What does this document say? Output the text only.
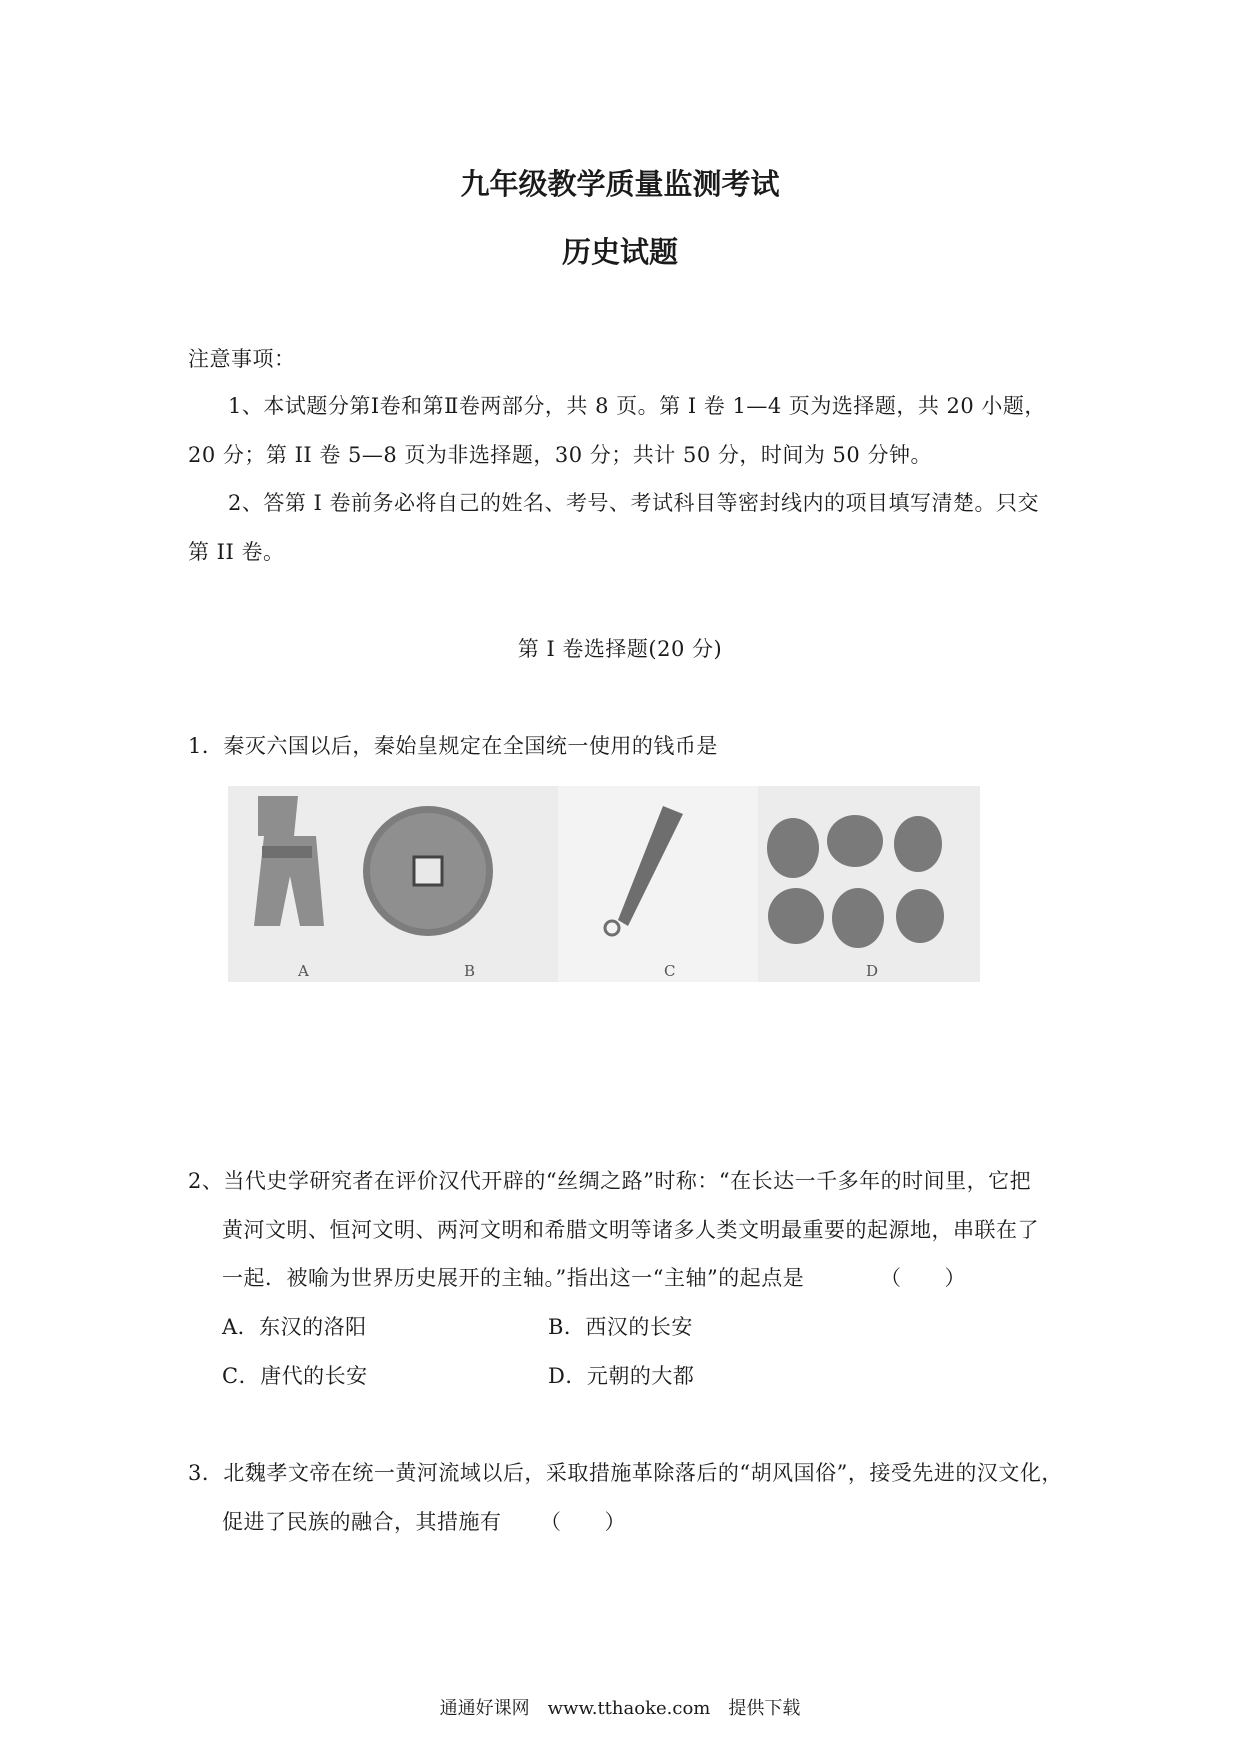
九年级教学质量监测考试
历史试题
注意事项：
1、本试题分第Ⅰ卷和第Ⅱ卷两部分，共 8 页。第 I 卷 1—4 页为选择题，共 20 小题，
20 分；第 II 卷 5—8 页为非选择题，30 分；共计 50 分，时间为 50 分钟。
2、答第 I 卷前务必将自己的姓名、考号、考试科目等密封线内的项目填写清楚。只交
第 II 卷。
第 I 卷选择题(20 分)
1．秦灭六国以后，秦始皇规定在全国统一使用的钱币是
A	B	C	D
2、当代史学研究者在评价汉代开辟的“丝绸之路”时称：“在长达一千多年的时间里，它把
黄河文明、恒河文明、两河文明和希腊文明等诸多人类文明最重要的起源地，串联在了
一起．被喻为世界历史展开的主轴。”指出这一“主轴”的起点是	（　　）
A．东汉的洛阳	B．西汉的长安
C．唐代的长安	D．元朝的大都
3．北魏孝文帝在统一黄河流域以后，采取措施革除落后的“胡风国俗”，接受先进的汉文化，
促进了民族的融合，其措施有 （　　）
通通好课网　www.tthaoke.com　提供下载
